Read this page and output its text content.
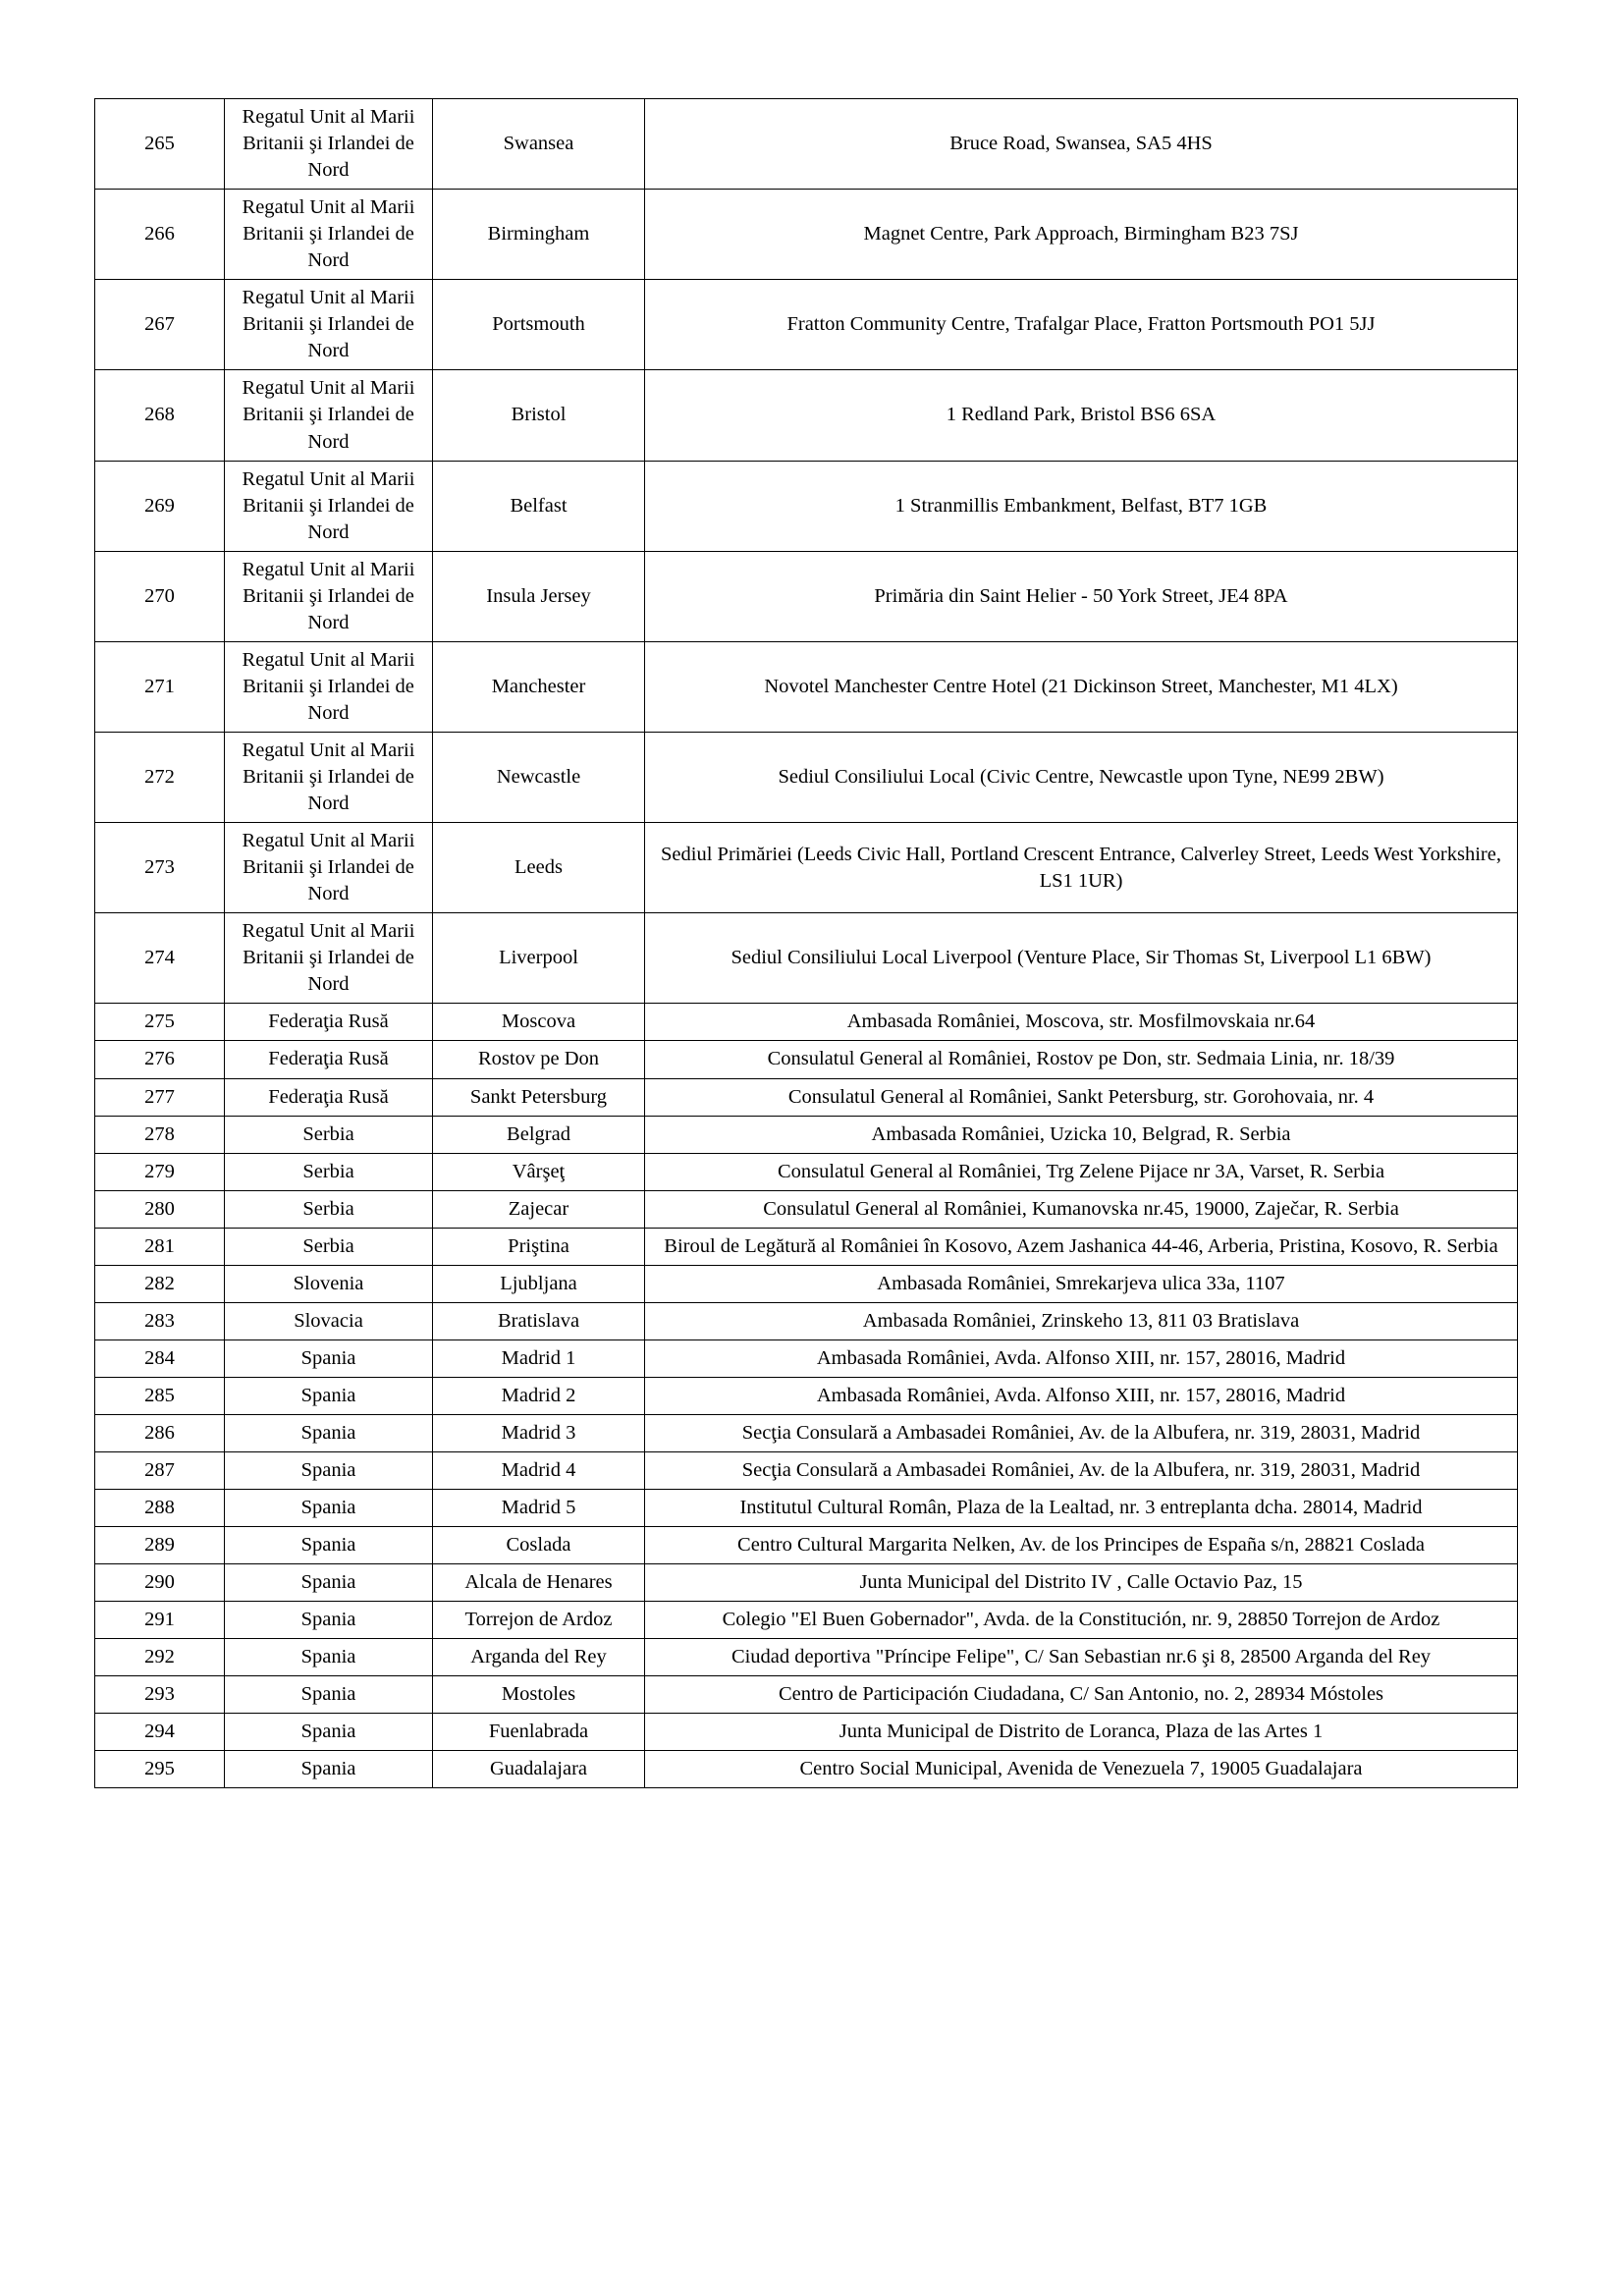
265	Regatul Unit al Marii Britanii şi Irlandei de Nord	Swansea	Bruce Road, Swansea, SA5 4HS
266	Regatul Unit al Marii Britanii şi Irlandei de Nord	Birmingham	Magnet Centre, Park Approach, Birmingham B23 7SJ
267	Regatul Unit al Marii Britanii şi Irlandei de Nord	Portsmouth	Fratton Community Centre, Trafalgar Place, Fratton Portsmouth PO1 5JJ
268	Regatul Unit al Marii Britanii şi Irlandei de Nord	Bristol	1 Redland Park, Bristol BS6 6SA
269	Regatul Unit al Marii Britanii şi Irlandei de Nord	Belfast	1 Stranmillis Embankment, Belfast, BT7 1GB
270	Regatul Unit al Marii Britanii şi Irlandei de Nord	Insula Jersey	Primăria din Saint Helier - 50 York Street, JE4 8PA
271	Regatul Unit al Marii Britanii şi Irlandei de Nord	Manchester	Novotel Manchester Centre Hotel (21 Dickinson Street, Manchester, M1 4LX)
272	Regatul Unit al Marii Britanii şi Irlandei de Nord	Newcastle	Sediul Consiliului Local (Civic Centre, Newcastle upon Tyne, NE99 2BW)
273	Regatul Unit al Marii Britanii şi Irlandei de Nord	Leeds	Sediul Primăriei (Leeds Civic Hall, Portland Crescent Entrance, Calverley Street, Leeds West Yorkshire, LS1 1UR)
274	Regatul Unit al Marii Britanii şi Irlandei de Nord	Liverpool	Sediul Consiliului Local Liverpool (Venture Place, Sir Thomas St, Liverpool L1 6BW)
275	Federaţia Rusă	Moscova	Ambasada României, Moscova, str. Mosfilmovskaia nr.64
276	Federaţia Rusă	Rostov pe Don	Consulatul General al României, Rostov pe Don, str. Sedmaia Linia, nr. 18/39
277	Federaţia Rusă	Sankt Petersburg	Consulatul General al României, Sankt Petersburg, str. Gorohovaia, nr. 4
278	Serbia	Belgrad	Ambasada României, Uzicka 10, Belgrad, R. Serbia
279	Serbia	Vârşeţ	Consulatul General al României, Trg Zelene Pijace nr 3A, Varset, R. Serbia
280	Serbia	Zajecar	Consulatul General al României, Kumanovska nr.45, 19000, Zaječar, R. Serbia
281	Serbia	Priştina	Biroul de Legătură al României în Kosovo, Azem Jashanica 44-46, Arberia, Pristina, Kosovo, R. Serbia
282	Slovenia	Ljubljana	Ambasada României, Smrekarjeva ulica 33a, 1107
283	Slovacia	Bratislava	Ambasada României, Zrinskeho 13, 811 03 Bratislava
284	Spania	Madrid 1	Ambasada României, Avda. Alfonso XIII, nr. 157, 28016, Madrid
285	Spania	Madrid 2	Ambasada României, Avda. Alfonso XIII, nr. 157, 28016, Madrid
286	Spania	Madrid 3	Secţia Consulară a Ambasadei României, Av. de la Albufera, nr. 319, 28031, Madrid
287	Spania	Madrid 4	Secţia Consulară a Ambasadei României, Av. de la Albufera, nr. 319, 28031, Madrid
288	Spania	Madrid 5	Institutul Cultural Român, Plaza de la Lealtad, nr. 3 entreplanta dcha. 28014, Madrid
289	Spania	Coslada	Centro Cultural Margarita Nelken, Av. de los Principes de España s/n, 28821 Coslada
290	Spania	Alcala de Henares	Junta Municipal del Distrito IV , Calle Octavio Paz, 15
291	Spania	Torrejon de Ardoz	Colegio "El Buen Gobernador", Avda. de la Constitución, nr. 9, 28850 Torrejon de Ardoz
292	Spania	Arganda del Rey	Ciudad deportiva "Príncipe Felipe", C/ San Sebastian nr.6 şi 8, 28500 Arganda del Rey
293	Spania	Mostoles	Centro de Participación Ciudadana, C/ San Antonio, no. 2, 28934 Móstoles
294	Spania	Fuenlabrada	Junta Municipal de Distrito de Loranca, Plaza de las Artes 1
295	Spania	Guadalajara	Centro Social Municipal, Avenida de Venezuela 7, 19005 Guadalajara
